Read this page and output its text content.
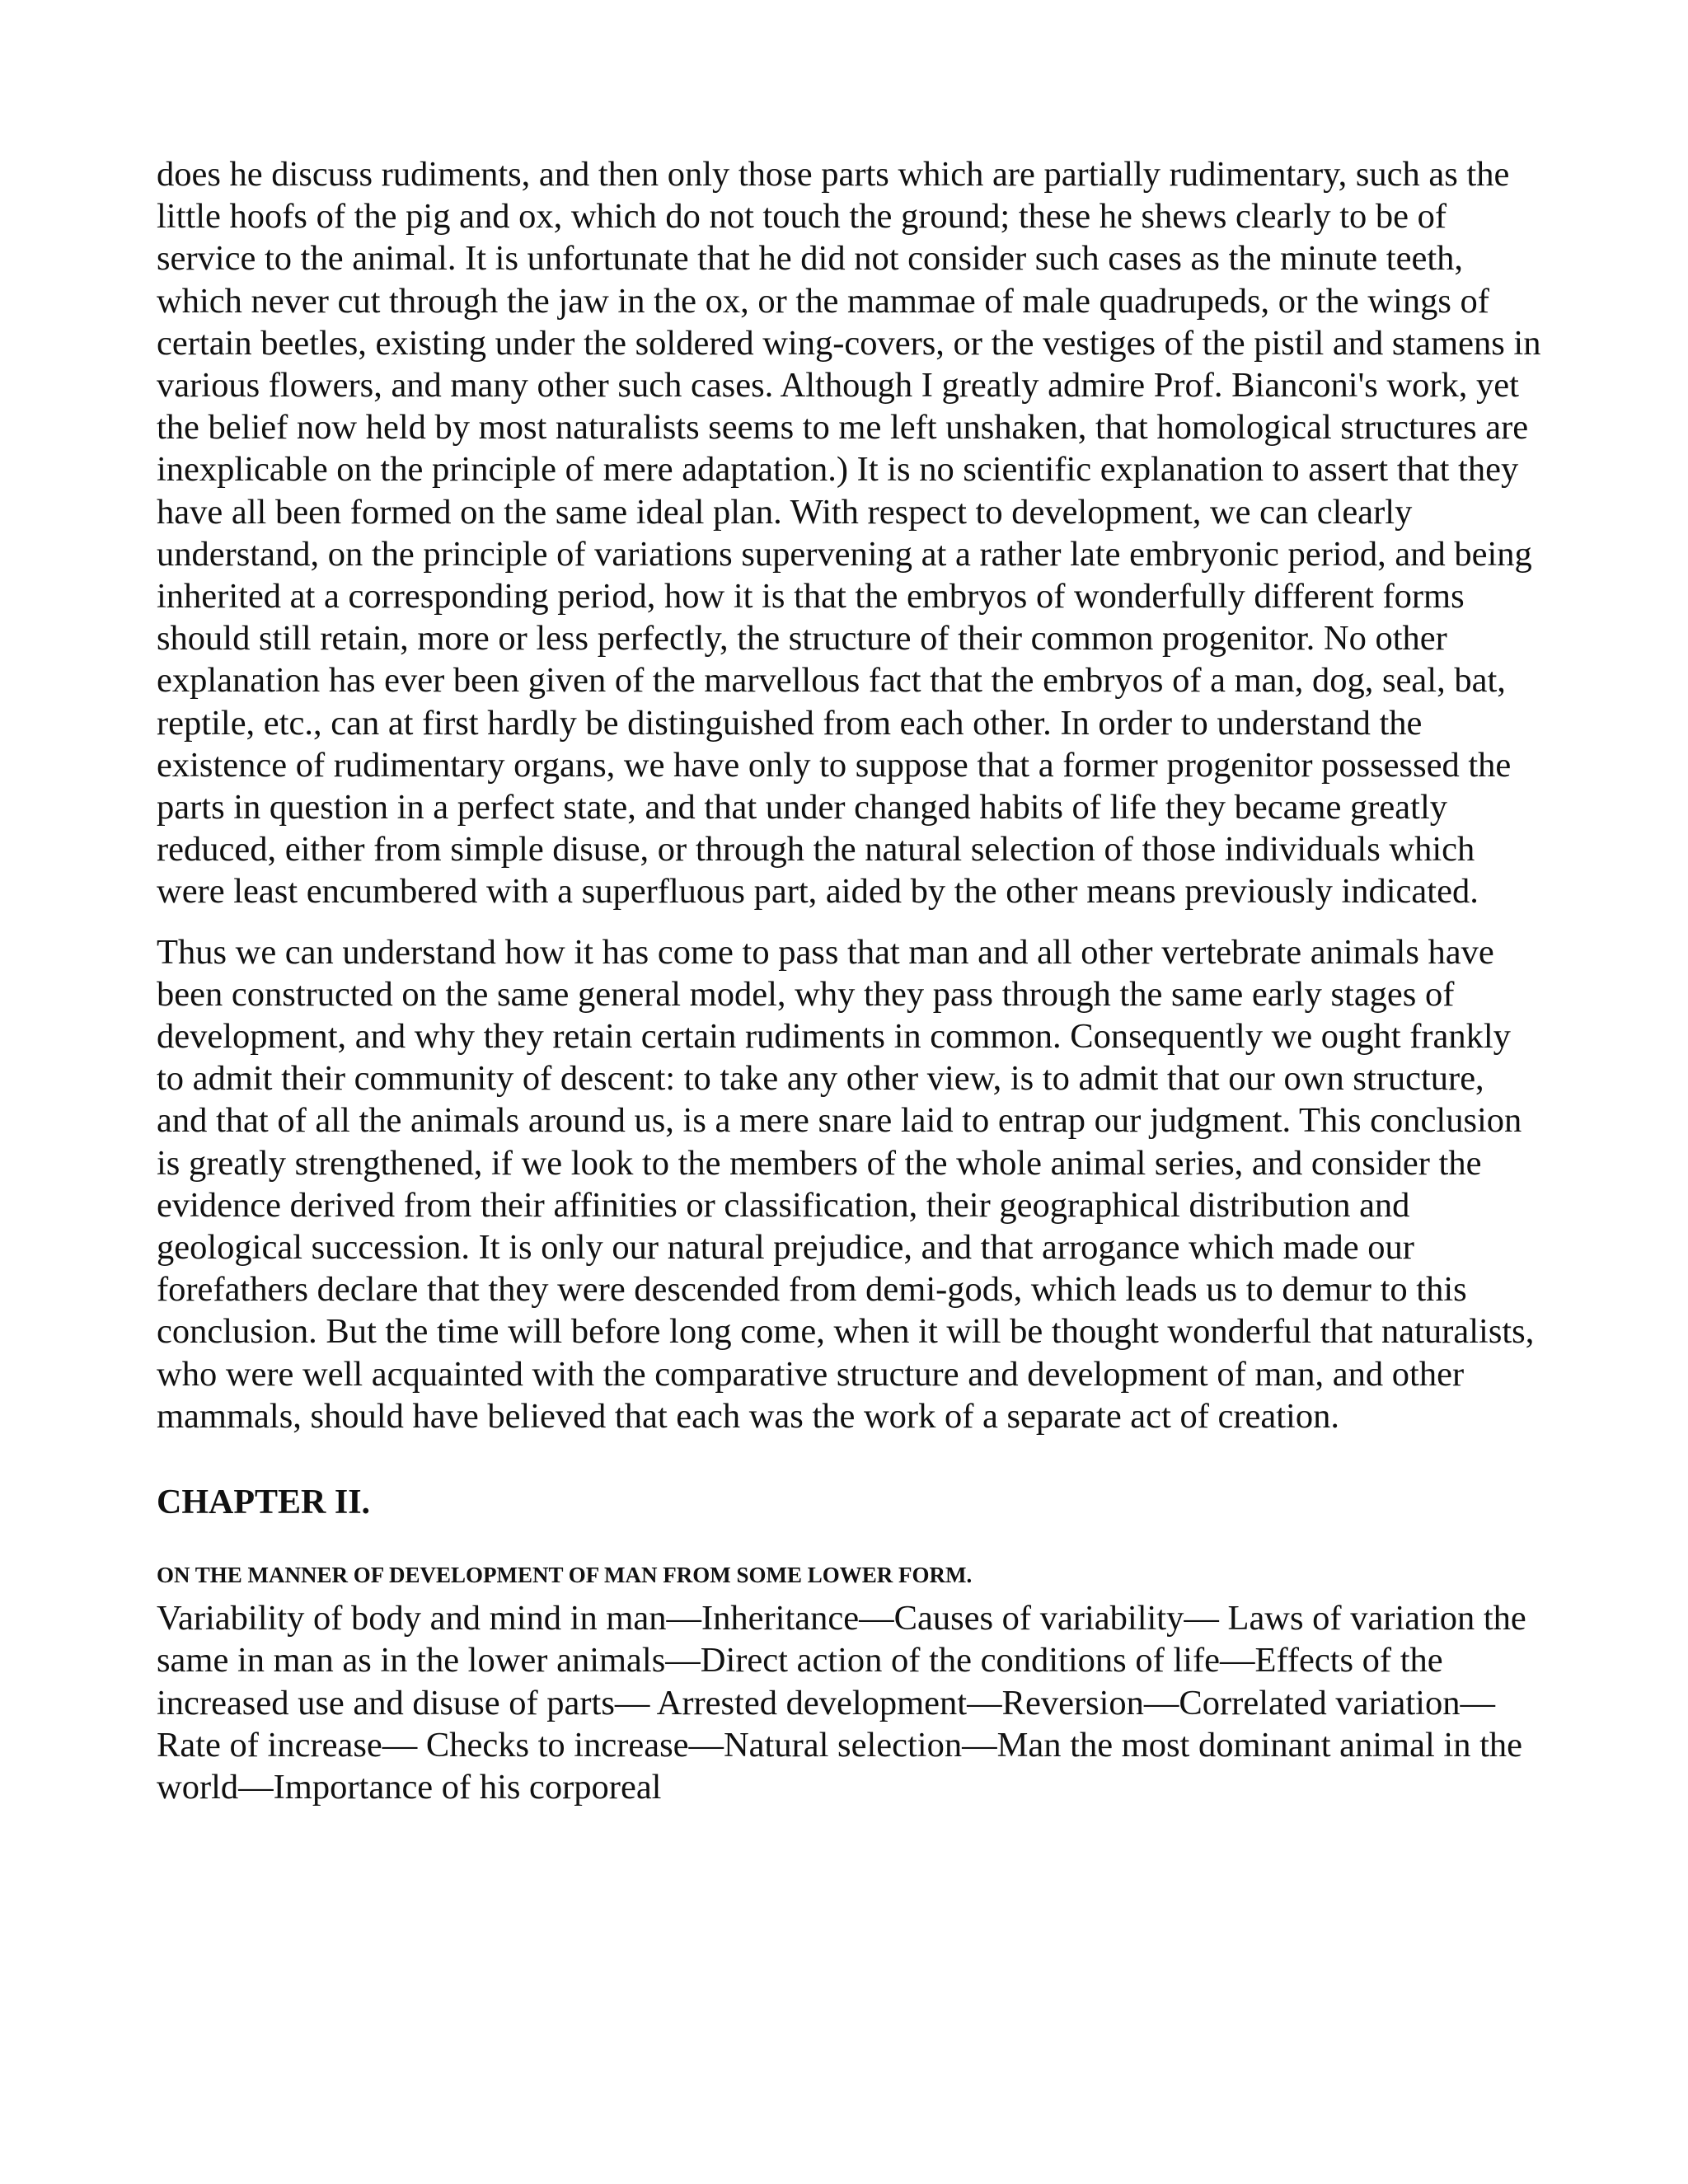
does he discuss rudiments, and then only those parts which are partially rudimentary, such as the little hoofs of the pig and ox, which do not touch the ground; these he shews clearly to be of service to the animal. It is unfortunate that he did not consider such cases as the minute teeth, which never cut through the jaw in the ox, or the mammae of male quadrupeds, or the wings of certain beetles, existing under the soldered wing-covers, or the vestiges of the pistil and stamens in various flowers, and many other such cases. Although I greatly admire Prof. Bianconi's work, yet the belief now held by most naturalists seems to me left unshaken, that homological structures are inexplicable on the principle of mere adaptation.) It is no scientific explanation to assert that they have all been formed on the same ideal plan. With respect to development, we can clearly understand, on the principle of variations supervening at a rather late embryonic period, and being inherited at a corresponding period, how it is that the embryos of wonderfully different forms should still retain, more or less perfectly, the structure of their common progenitor. No other explanation has ever been given of the marvellous fact that the embryos of a man, dog, seal, bat, reptile, etc., can at first hardly be distinguished from each other. In order to understand the existence of rudimentary organs, we have only to suppose that a former progenitor possessed the parts in question in a perfect state, and that under changed habits of life they became greatly reduced, either from simple disuse, or through the natural selection of those individuals which were least encumbered with a superfluous part, aided by the other means previously indicated.

Thus we can understand how it has come to pass that man and all other vertebrate animals have been constructed on the same general model, why they pass through the same early stages of development, and why they retain certain rudiments in common. Consequently we ought frankly to admit their community of descent: to take any other view, is to admit that our own structure, and that of all the animals around us, is a mere snare laid to entrap our judgment. This conclusion is greatly strengthened, if we look to the members of the whole animal series, and consider the evidence derived from their affinities or classification, their geographical distribution and geological succession. It is only our natural prejudice, and that arrogance which made our forefathers declare that they were descended from demi-gods, which leads us to demur to this conclusion. But the time will before long come, when it will be thought wonderful that naturalists, who were well acquainted with the comparative structure and development of man, and other mammals, should have believed that each was the work of a separate act of creation.

CHAPTER II.
ON THE MANNER OF DEVELOPMENT OF MAN FROM SOME LOWER FORM.

Variability of body and mind in man—Inheritance—Causes of variability— Laws of variation the same in man as in the lower animals—Direct action of the conditions of life—Effects of the increased use and disuse of parts— Arrested development—Reversion—Correlated variation—Rate of increase— Checks to increase—Natural selection—Man the most dominant animal in the world—Importance of his corporeal
